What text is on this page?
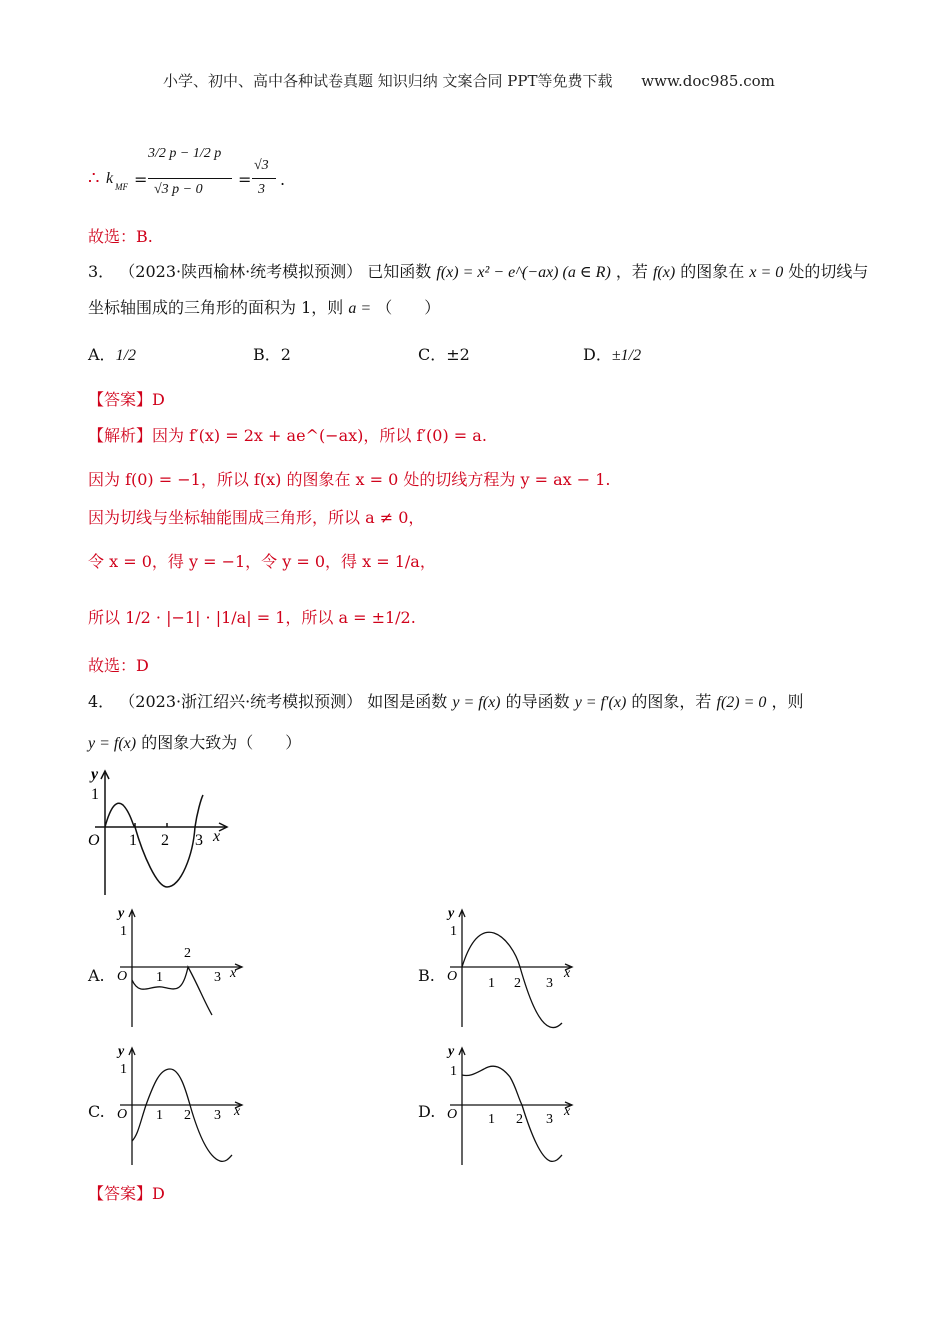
小学、初中、高中各种试卷真题 知识归纳 文案合同 PPT等免费下载 www.doc985.com
∴ k MF =
3/2 p − 1/2 p
√3 p − 0
=
√3
3
.
故选：B.
3． （2023·陕西榆林·统考模拟预测） 已知函数 f(x) = x² − e^(−ax) (a ∈ R) ，若 f(x) 的图象在 x = 0 处的切线与
坐标轴围成的三角形的面积为 1，则 a = （　　）
A．1/2	B．2	C．±2	D．±1/2
【答案】D
【解析】因为 f′(x) = 2x + ae^(−ax)，所以 f′(0) = a.
因为 f(0) = −1，所以 f(x) 的图象在 x = 0 处的切线方程为 y = ax − 1.
因为切线与坐标轴能围成三角形，所以 a ≠ 0，
令 x = 0，得 y = −1，令 y = 0，得 x = 1/a，
所以 1/2 · |−1| · |1/a| = 1，所以 a = ±1/2.
故选：D
4． （2023·浙江绍兴·统考模拟预测） 如图是函数 y = f(x) 的导函数 y = f′(x) 的图象，若 f(2) = 0 ，则
y = f(x) 的图象大致为（　　）
y
1
O 1 2 3 x
A.
y
1
O 1
2
3 x	B.
y
1
O 1 2 3
x
C.
y
1
O 1 2 3 x	D.
y
1
O 1 2 3
x
【答案】D
